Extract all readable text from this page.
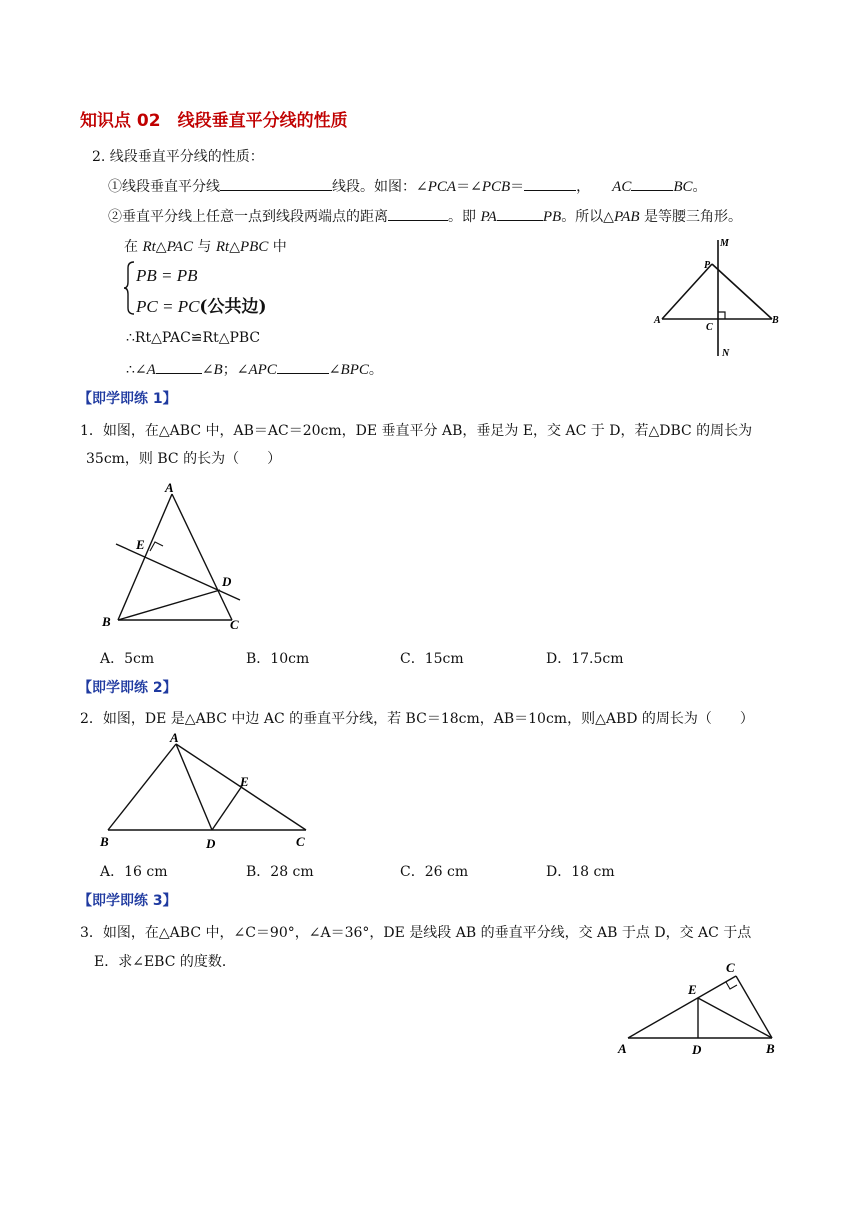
知识点 02　线段垂直平分线的性质
2. 线段垂直平分线的性质：
①线段垂直平分线	线段。如图：∠PCA＝∠PCB＝	， AC	BC。
②垂直平分线上任意一点到线段两端点的距离	。即 PA	PB。所以△PAB 是等腰三角形。
在 Rt△PAC 与 Rt△PBC 中
PB = PB
PC = PC(公共边)
∴Rt△PAC≌Rt△PBC
∴∠A	∠B；∠APC	∠BPC。
M
P
A
C
B
N
【即学即练 1】
1．如图，在△ABC 中，AB＝AC＝20cm，DE 垂直平分 AB，垂足为 E，交 AC 于 D，若△DBC 的周长为
35cm，则 BC 的长为（　　）
A
E
D
B	C
A．5cm	B．10cm	C．15cm	D．17.5cm
【即学即练 2】
2．如图，DE 是△ABC 中边 AC 的垂直平分线，若 BC＝18cm，AB＝10cm，则△ABD 的周长为（　　）
A
E
B	D	C
A．16 cm	B．28 cm	C．26 cm	D．18 cm
【即学即练 3】
3．如图，在△ABC 中，∠C＝90°，∠A＝36°，DE 是线段 AB 的垂直平分线，交 AB 于点 D，交 AC 于点
E．求∠EBC 的度数．	C
E
A	D	B
